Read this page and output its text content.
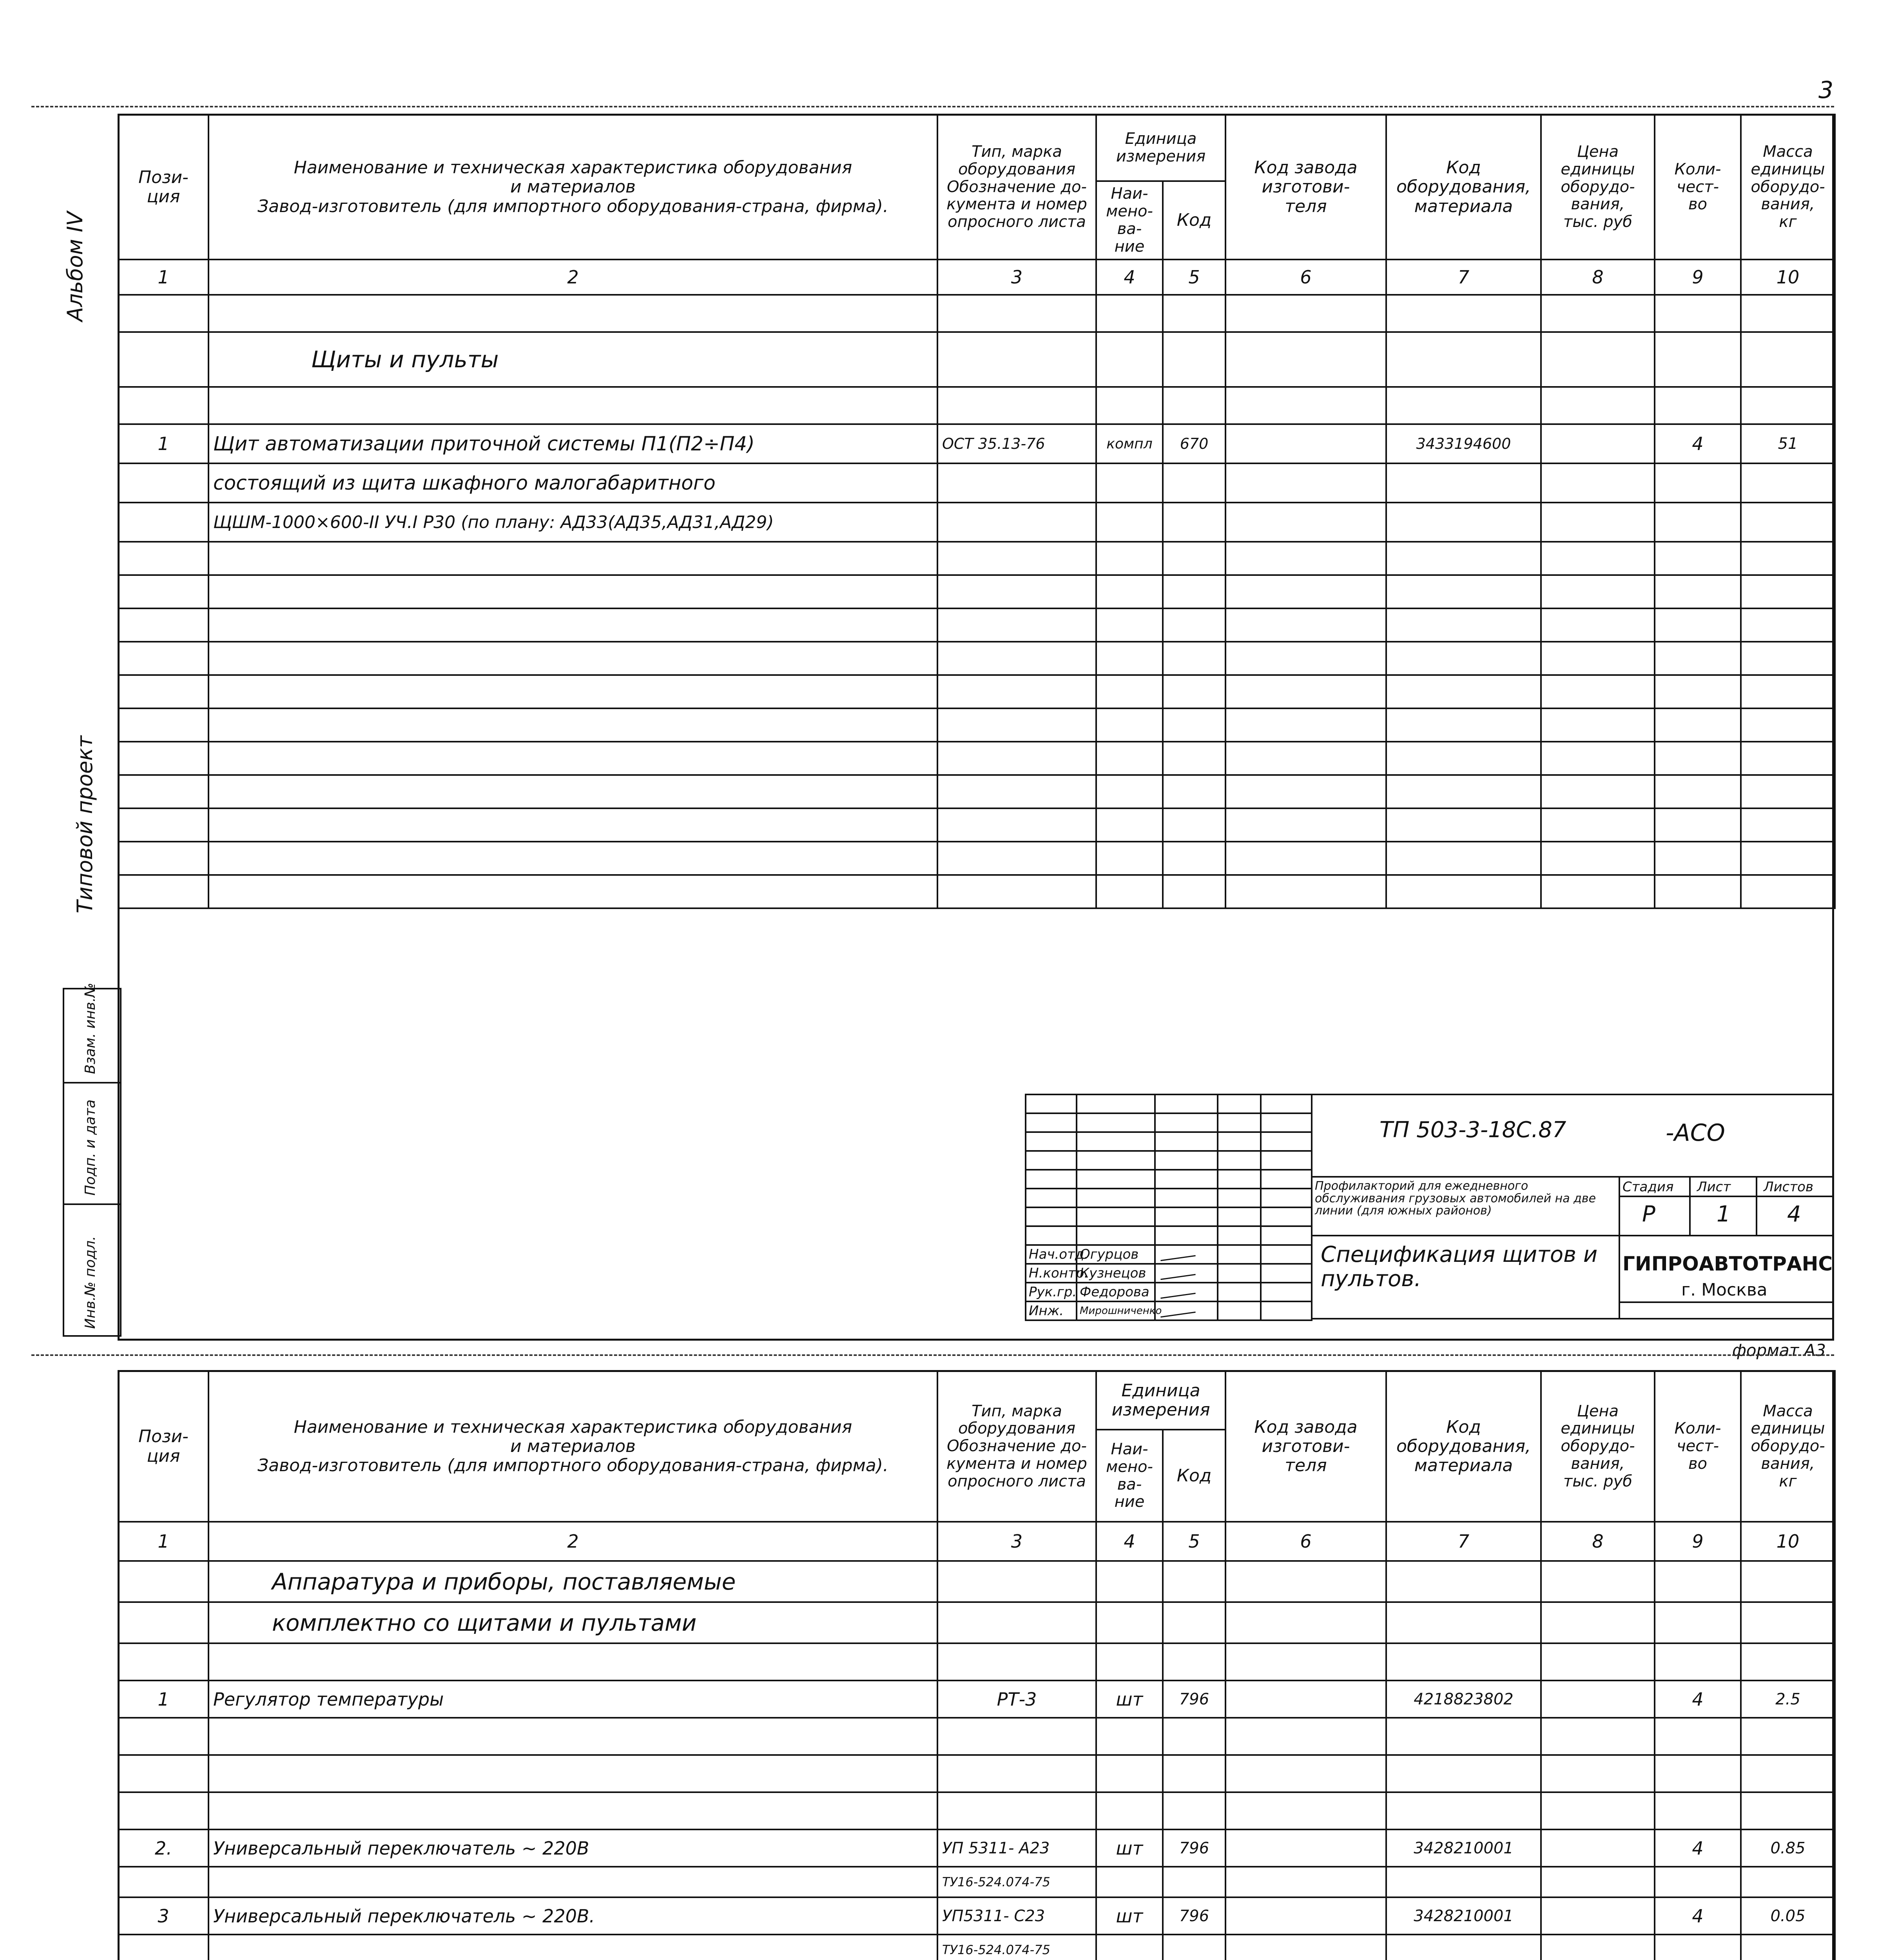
3
Альбом IV
Типовой проект
Инв.№ подл.
Подп. и дата
Взам. инв.№
Пози-
ция	Наименование и техническая характеристика оборудования
и материалов
Завод-изготовитель (для импортного оборудования-страна, фирма).	Тип, марка оборудования
Обозначение до-кумента и номер опросного листа	Единица измерения		Код завода изготови-
теля	Код оборудования, материала	Цена единицы оборудо-вания,
тыс. руб	Коли-
чест-
во	Масса единицы оборудо-вания,
кг
			Наи-
мено-
ва-
ние	Код					
1	2	3	4	5	6	7	8	9	10

	Щиты и пульты								

1	Щит автоматизации приточной системы П1(П2÷П4)	ОСТ 35.13-76	компл	670		3433194600		4	51
	состоящий из щита шкафного малогабаритного								
	ЩШМ-1000×600-II УЧ.I Р30 (по плану: АД33(АД35,АД31,АД29)								

Нач.отд.	Огурцов			
Н.контр.	Кузнецов			
Рук.гр.	Федорова			
Инж.	Мирошниченко			
ТП 503-3-18С.87	-АСО
Профилакторий для ежедневного обслуживания грузовых автомобилей на две линии (для южных районов)
Стадия Лист Листов
Р	1	4
Спецификация щитов и пультов.
ГИПРОАВТОТРАНС
г. Москва
формат A3
Пози-
ция	Наименование и техническая характеристика оборудования
и материалов
Завод-изготовитель (для импортного оборудования-страна, фирма).	Тип, марка оборудования
Обозначение до-кумента и номер опросного листа	Единица измерения		Код завода изготови-
теля	Код оборудования, материала	Цена единицы оборудо-вания,
тыс. руб	Коли-
чест-
во	Масса единицы оборудо-вания,
кг
			Наи-
мено-
ва-
ние	Код					
1	2	3	4	5	6	7	8	9	10
	Аппаратура и приборы, поставляемые								
	комплектно со щитами и пультами								

1	Регулятор температуры	РТ-3	шт	796		4218823802		4	2.5

2.	Универсальный переключатель ~ 220В	УП 5311- А23	шт	796		3428210001		4	0.85
		ТУ16-524.074-75							
3	Универсальный переключатель ~ 220В.	УП5311- С23	шт	796		3428210001		4	0.05
		ТУ16-524.074-75							
